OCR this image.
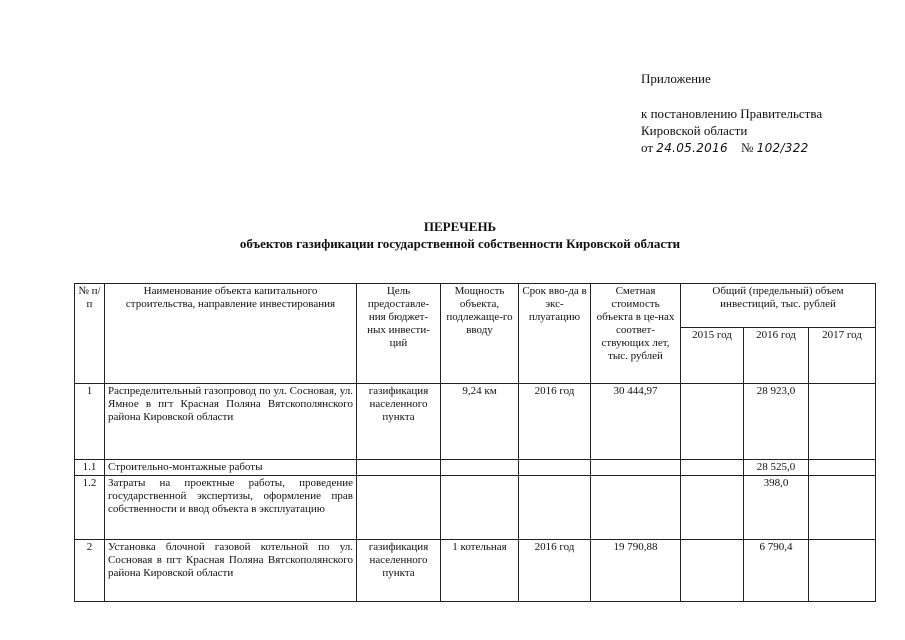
Приложение
к постановлению Правительства
Кировской области
от 24.05.2016 № 102/322
ПЕРЕЧЕНЬ
объектов газификации государственной собственности Кировской области
№ п/п	Наименование объекта капитального строительства, направление инвестирования	Цель предоставле-ния бюджет-ных инвести-ций	Мощность объекта, подлежащe-го вводу	Срок вво-да в экс-плуатацию	Сметная стоимость объекта в це-нах соответ-ствующих лет, тыс. рублей	Общий (предельный) объем инвестиций, тыс. рублей		
						2015 год	2016 год	2017 год
1	Распределительный газопровод по ул. Сосновая, ул. Ямное в пгт Красная Поляна Вятскополянского района Кировской области	газификация населенного пункта	9,24 км	2016 год	30 444,97		28 923,0	
1.1	Строительно-монтажные работы						28 525,0	
1.2	Затраты на проектные работы, проведение государственной экспертизы, оформление прав собственности и ввод объекта в эксплуатацию						398,0	
2	Установка блочной газовой котельной по ул. Сосновая в пгт Красная Поляна Вятскополянского района Кировской области	газификация населенного пункта	1 котельная	2016 год	19 790,88		6 790,4	
